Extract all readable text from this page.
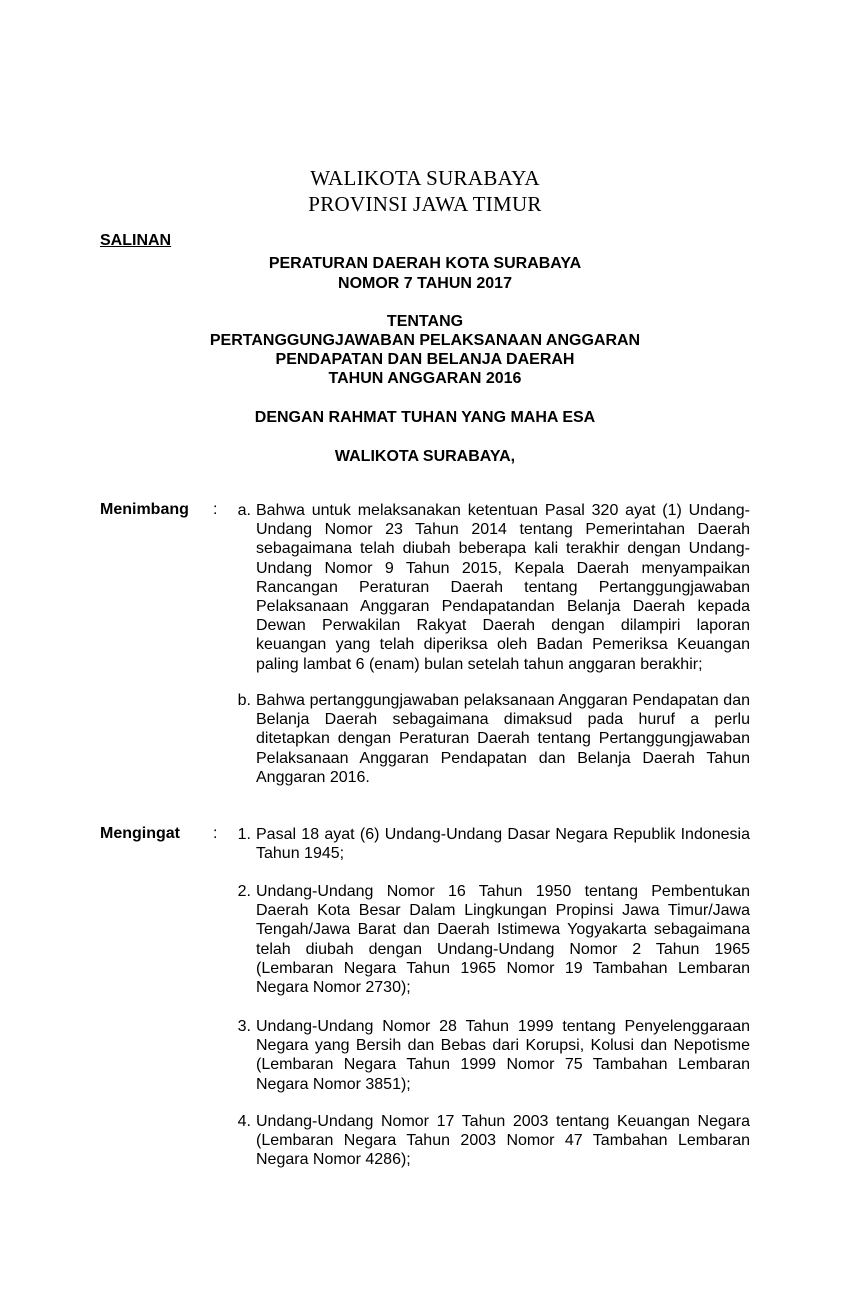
WALIKOTA SURABAYA
PROVINSI JAWA TIMUR
SALINAN
PERATURAN DAERAH KOTA SURABAYA
NOMOR 7 TAHUN 2017
TENTANG
PERTANGGUNGJAWABAN PELAKSANAAN ANGGARAN
PENDAPATAN DAN BELANJA DAERAH
TAHUN ANGGARAN 2016
DENGAN RAHMAT TUHAN YANG MAHA ESA
WALIKOTA SURABAYA,
Menimbang :	a. Bahwa untuk melaksanakan ketentuan Pasal 320 ayat (1) Undang-Undang Nomor 23 Tahun 2014 tentang Pemerintahan Daerah sebagaimana telah diubah beberapa kali terakhir dengan Undang-Undang Nomor 9 Tahun 2015, Kepala Daerah menyampaikan Rancangan Peraturan Daerah tentang Pertanggungjawaban Pelaksanaan Anggaran Pendapatandan Belanja Daerah kepada Dewan Perwakilan Rakyat Daerah dengan dilampiri laporan keuangan yang telah diperiksa oleh Badan Pemeriksa Keuangan paling lambat 6 (enam) bulan setelah tahun anggaran berakhir;
b. Bahwa pertanggungjawaban pelaksanaan Anggaran Pendapatan dan Belanja Daerah sebagaimana dimaksud pada huruf a perlu ditetapkan dengan Peraturan Daerah tentang Pertanggungjawaban Pelaksanaan Anggaran Pendapatan dan Belanja Daerah Tahun Anggaran 2016.
Mengingat :	1. Pasal 18 ayat (6) Undang-Undang Dasar Negara Republik Indonesia Tahun 1945;
2. Undang-Undang Nomor 16 Tahun 1950 tentang Pembentukan Daerah Kota Besar Dalam Lingkungan Propinsi Jawa Timur/Jawa Tengah/Jawa Barat dan Daerah Istimewa Yogyakarta sebagaimana telah diubah dengan Undang-Undang Nomor 2 Tahun 1965 (Lembaran Negara Tahun 1965 Nomor 19 Tambahan Lembaran Negara Nomor 2730);
3. Undang-Undang Nomor 28 Tahun 1999 tentang Penyelenggaraan Negara yang Bersih dan Bebas dari Korupsi, Kolusi dan Nepotisme (Lembaran Negara Tahun 1999 Nomor 75 Tambahan Lembaran Negara Nomor 3851);
4. Undang-Undang Nomor 17 Tahun 2003 tentang Keuangan Negara (Lembaran Negara Tahun 2003 Nomor 47 Tambahan Lembaran Negara Nomor 4286);
